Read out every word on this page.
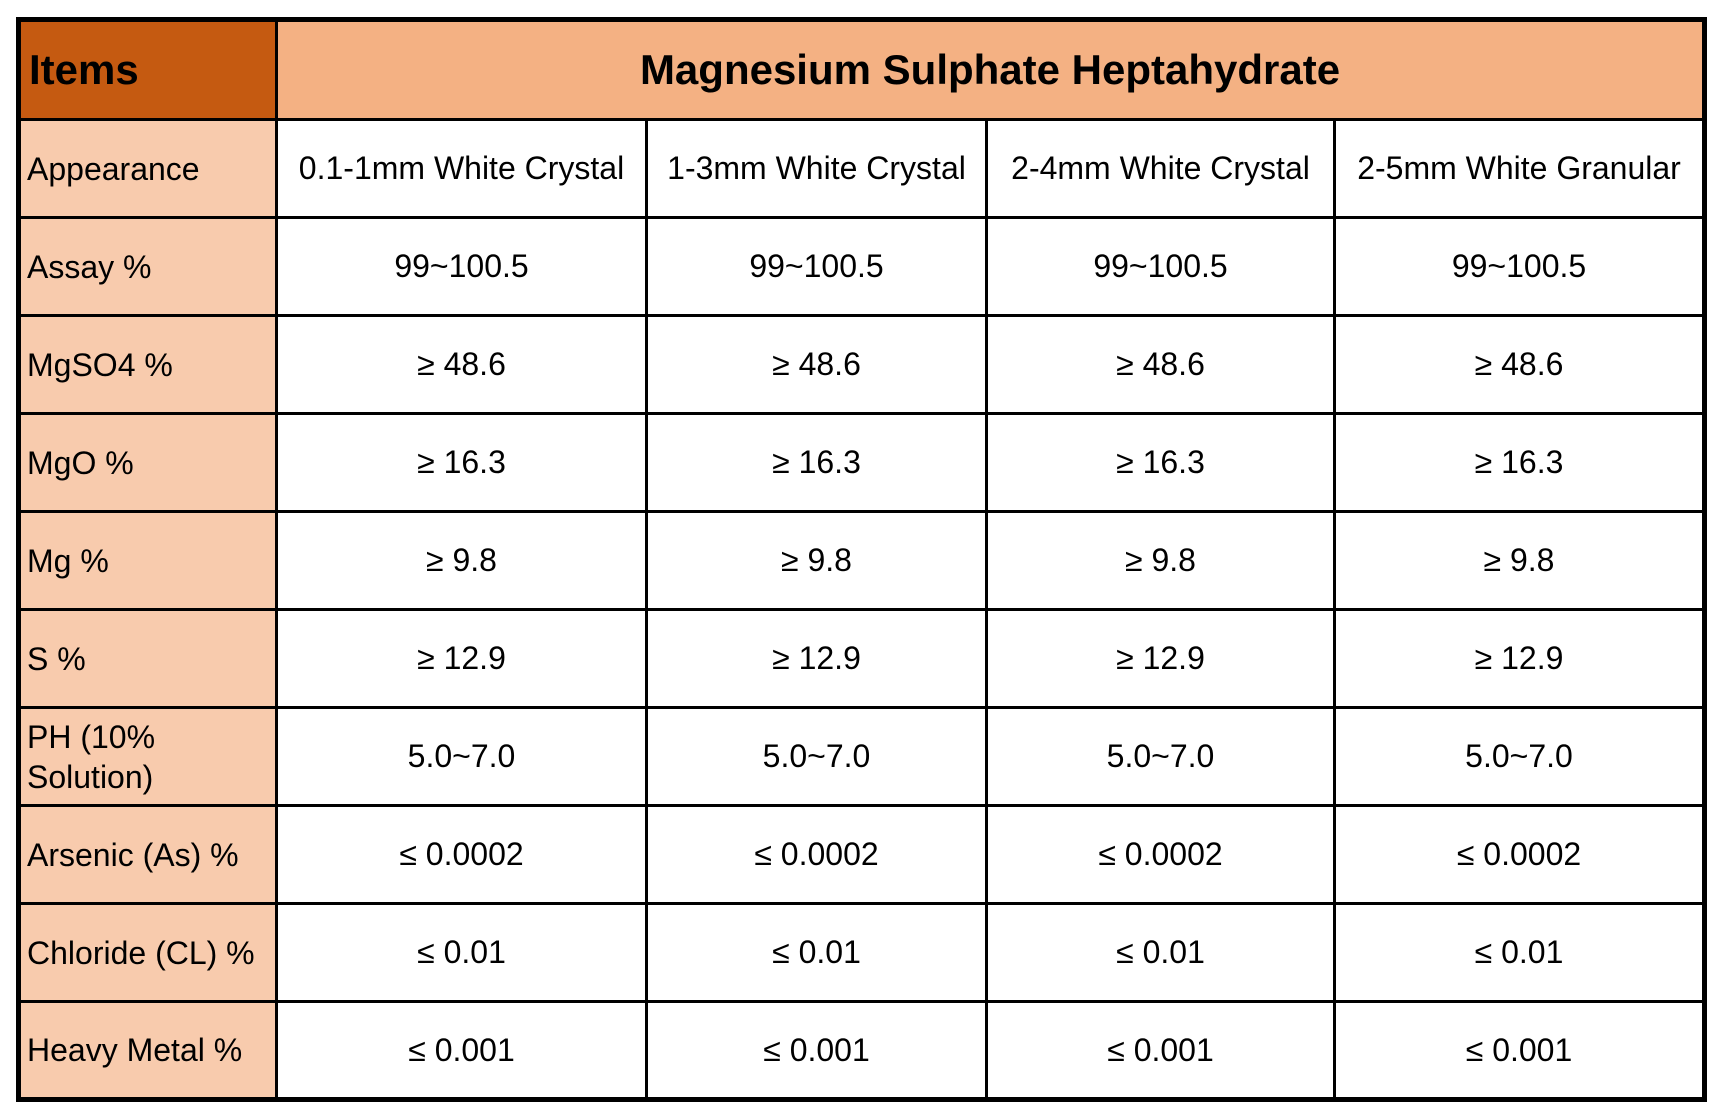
Items	Magnesium Sulphate Heptahydrate			
Appearance	0.1-1mm White Crystal	1-3mm White Crystal	2-4mm White Crystal	2-5mm White Granular
Assay %	99~100.5	99~100.5	99~100.5	99~100.5
MgSO4 %	≥ 48.6	≥ 48.6	≥ 48.6	≥ 48.6
MgO %	≥ 16.3	≥ 16.3	≥ 16.3	≥ 16.3
Mg %	≥ 9.8	≥ 9.8	≥ 9.8	≥ 9.8
S %	≥ 12.9	≥ 12.9	≥ 12.9	≥ 12.9
PH (10% Solution)	5.0~7.0	5.0~7.0	5.0~7.0	5.0~7.0
Arsenic (As) %	≤ 0.0002	≤ 0.0002	≤ 0.0002	≤ 0.0002
Chloride (CL) %	≤ 0.01	≤ 0.01	≤ 0.01	≤ 0.01
Heavy Metal %	≤ 0.001	≤ 0.001	≤ 0.001	≤ 0.001
